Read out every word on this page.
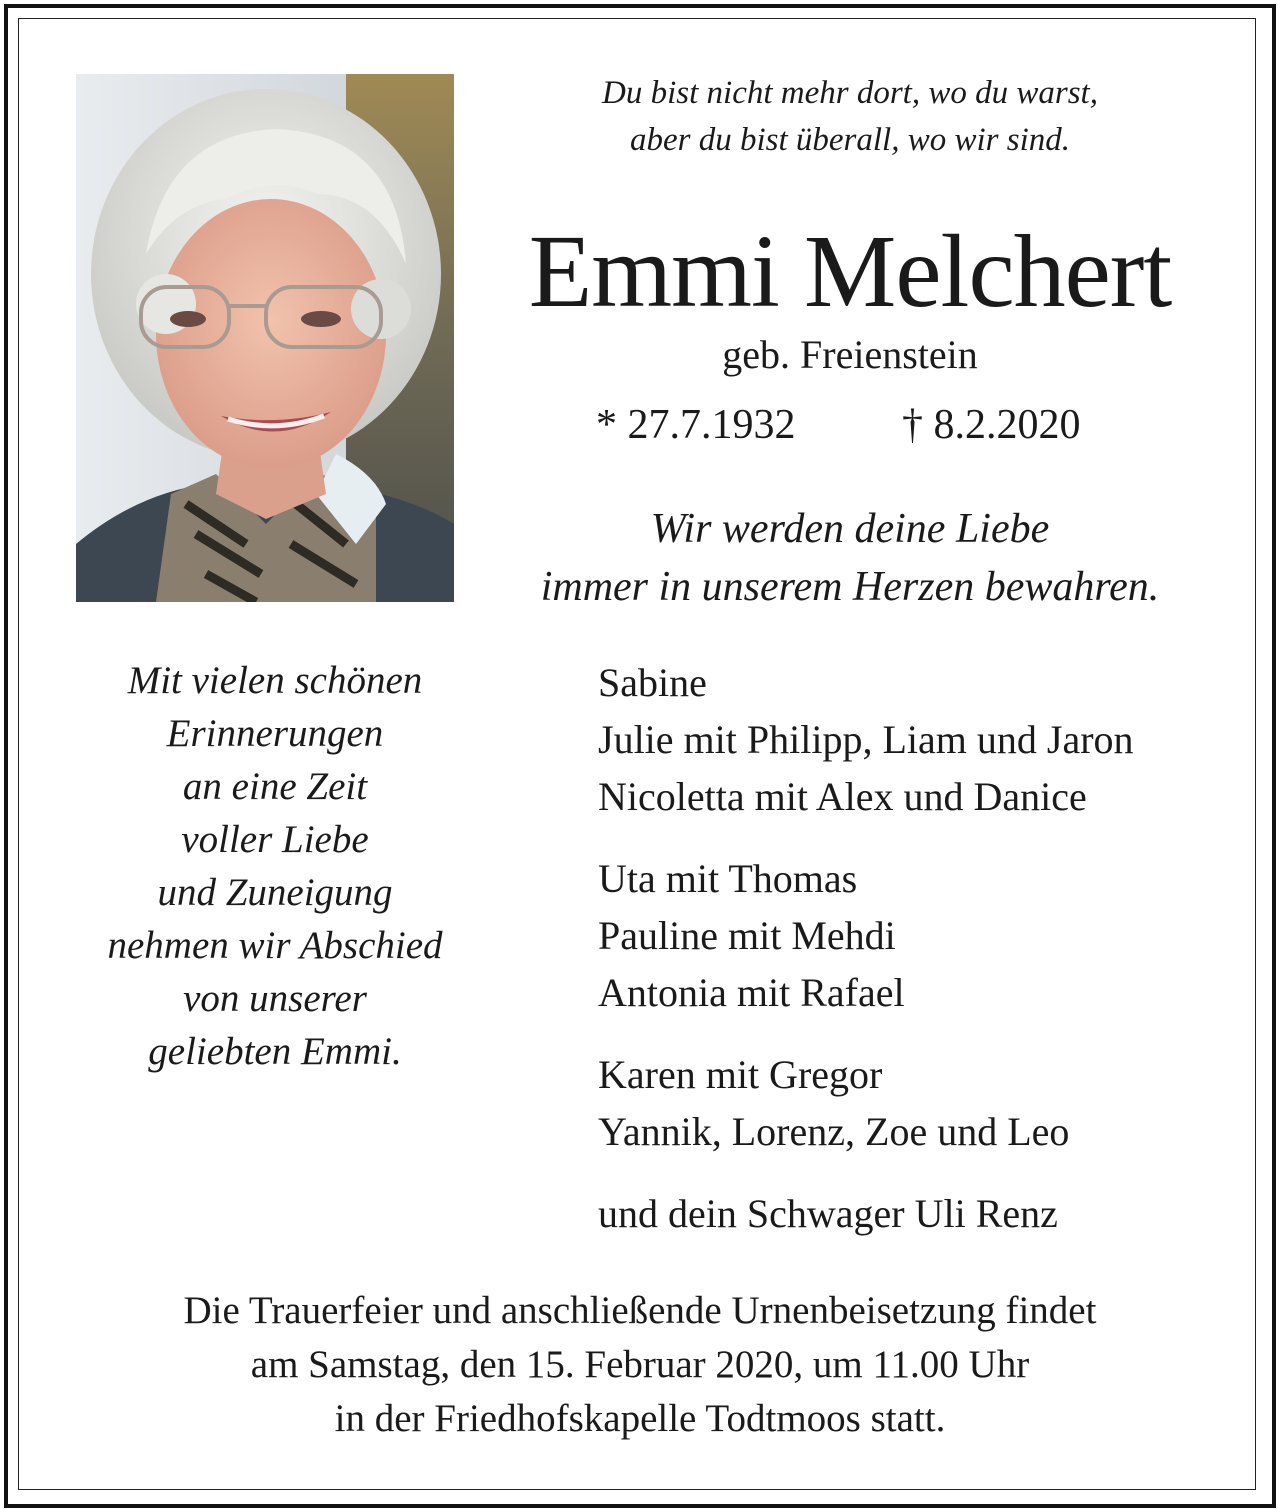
Du bist nicht mehr dort, wo du warst,
aber du bist überall, wo wir sind.
Emmi Melchert
geb. Freienstein
* 27.7.1932	† 8.2.2020
Wir werden deine Liebe
immer in unserem Herzen bewahren.
Mit vielen schönen
Erinnerungen
an eine Zeit
voller Liebe
und Zuneigung
nehmen wir Abschied
von unserer
geliebten Emmi.
Sabine
Julie mit Philipp, Liam und Jaron
Nicoletta mit Alex und Danice
Uta mit Thomas
Pauline mit Mehdi
Antonia mit Rafael
Karen mit Gregor
Yannik, Lorenz, Zoe und Leo
und dein Schwager Uli Renz
Die Trauerfeier und anschließende Urnenbeisetzung findet
am Samstag, den 15. Februar 2020, um 11.00 Uhr
in der Friedhofskapelle Todtmoos statt.
